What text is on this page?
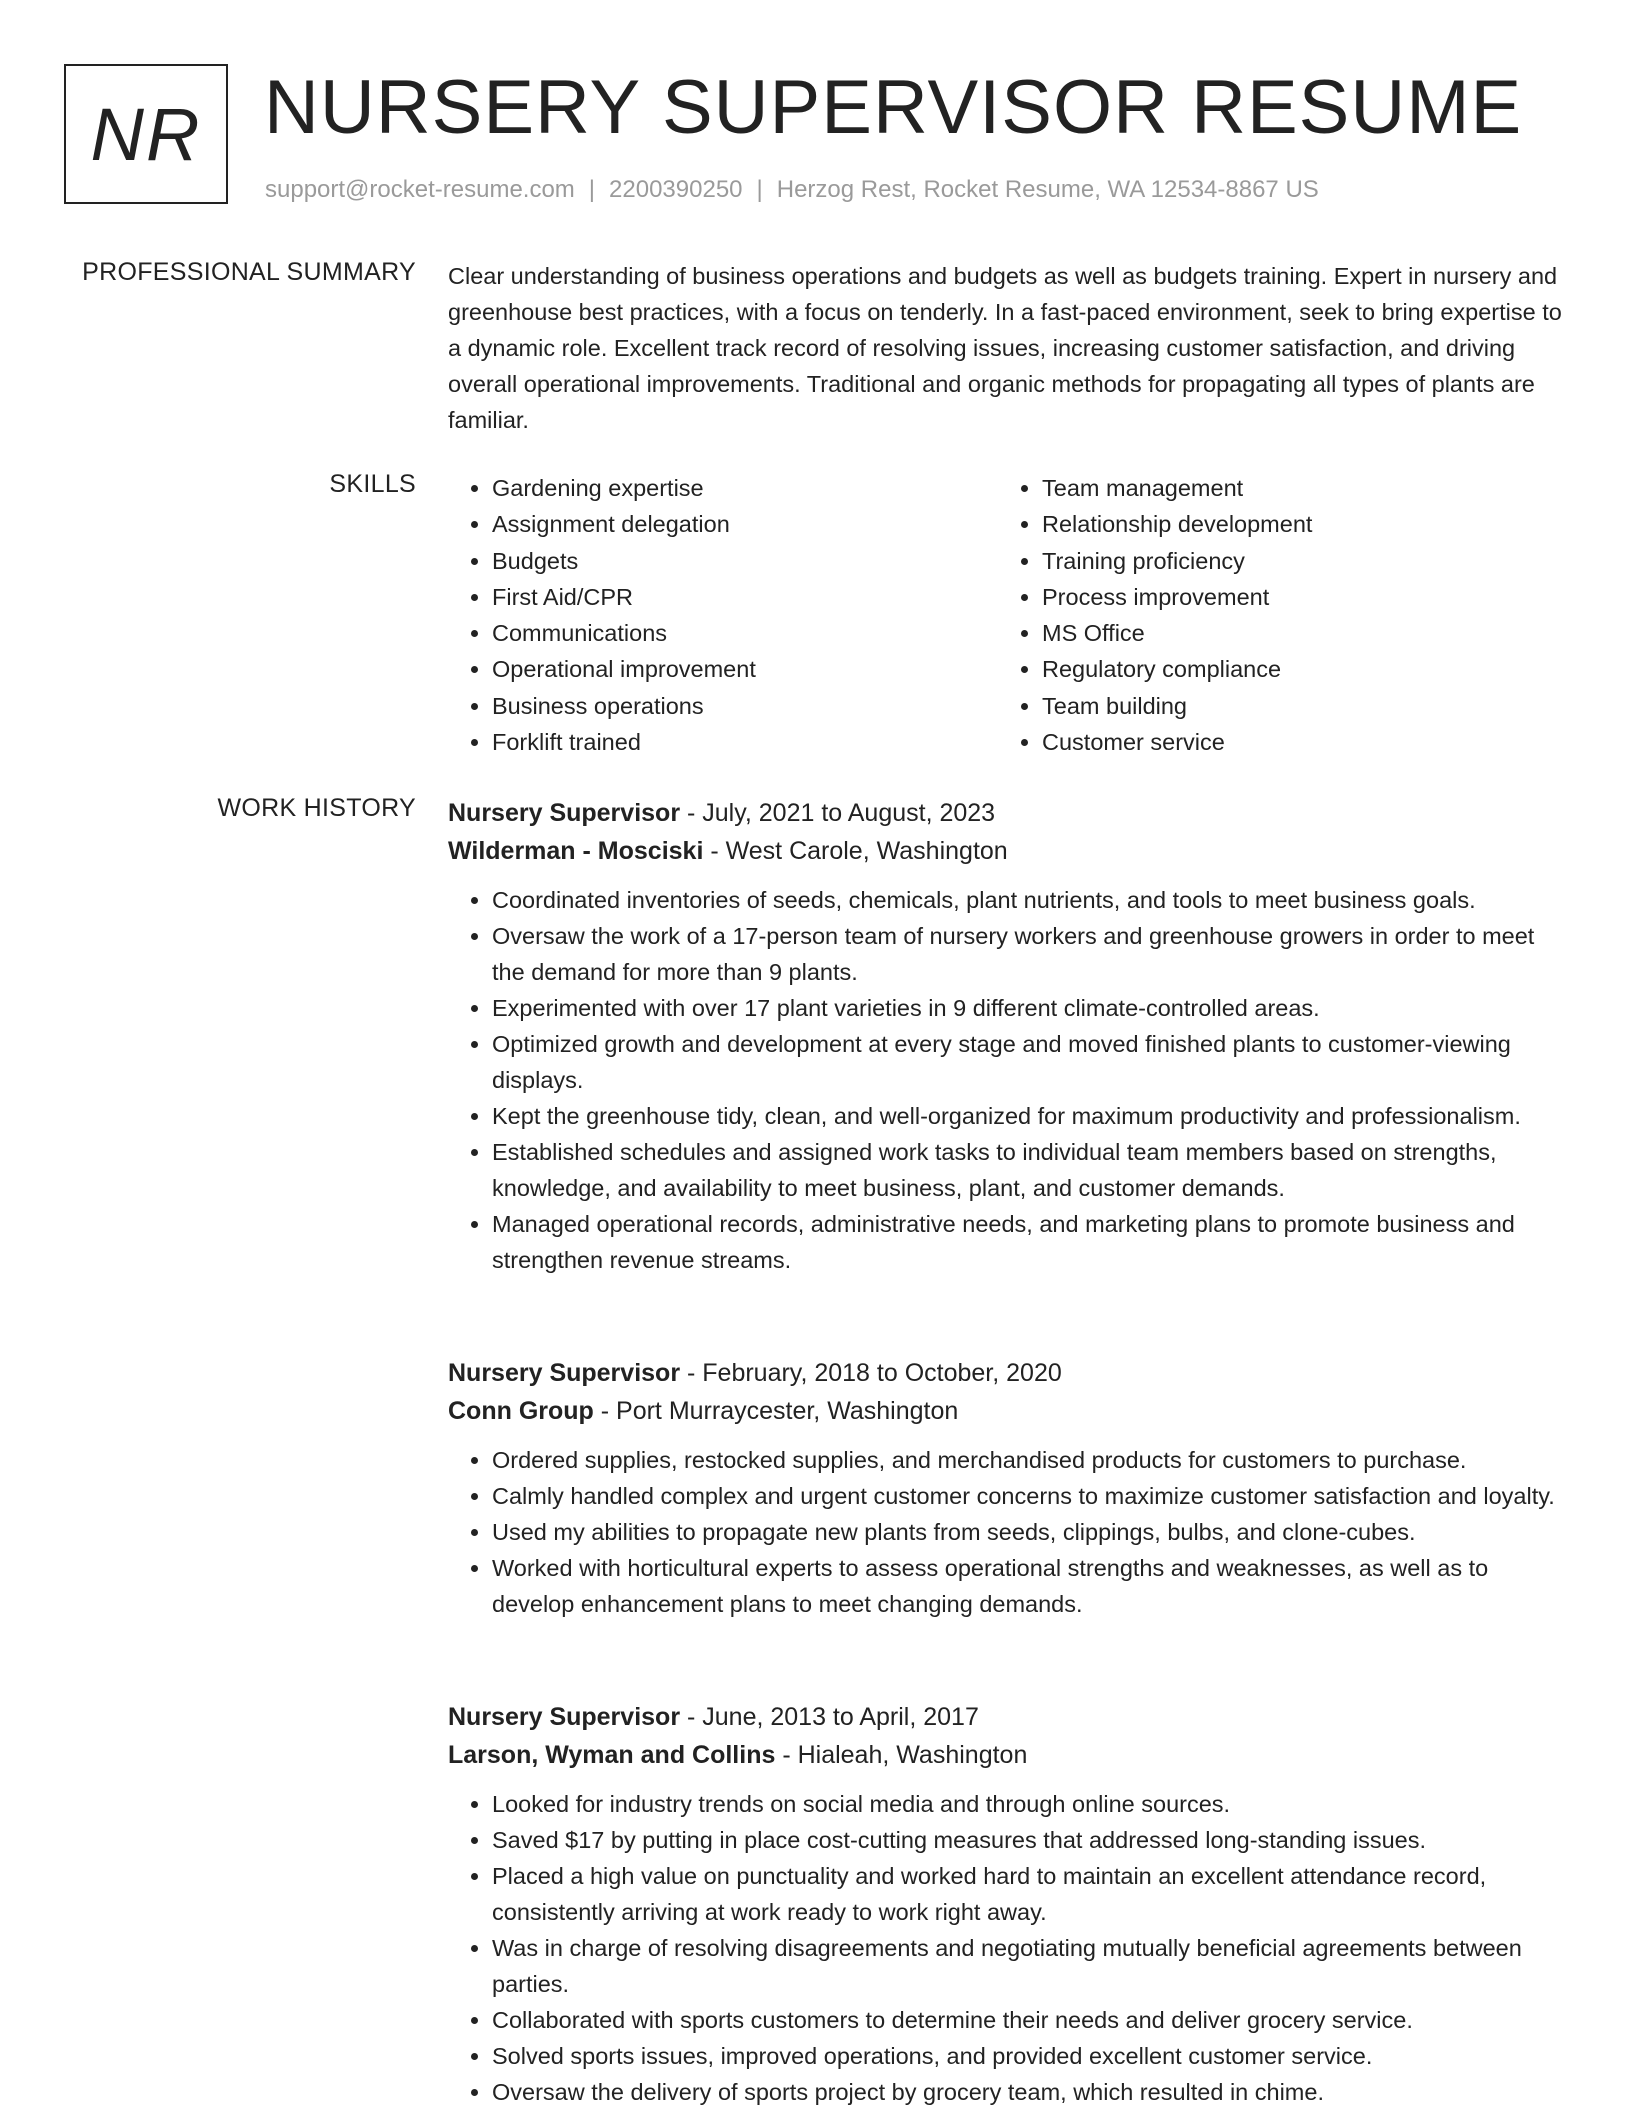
NR NURSERY SUPERVISOR RESUME
support@rocket-resume.com | 2200390250 | Herzog Rest, Rocket Resume, WA 12534-8867 US
PROFESSIONAL SUMMARY Clear understanding of business operations and budgets as well as budgets training. Expert in nursery and greenhouse best practices, with a focus on tenderly. In a fast-paced environment, seek to bring expertise to a dynamic role. Excellent track record of resolving issues, increasing customer satisfaction, and driving overall operational improvements. Traditional and organic methods for propagating all types of plants are familiar.

SKILLS
•	Gardening expertise
• Assignment delegation
• Budgets
• First Aid/CPR
• Communications
• Operational improvement
• Business operations
• Forklift trained
• Team management
• Relationship development
• Training proficiency
• Process improvement
• MS Office
• Regulatory compliance
• Team building
• Customer service
WORK HISTORY Nursery Supervisor - July, 2021 to August, 2023
Wilderman - Mosciski - West Carole, Washington
• Coordinated inventories of seeds, chemicals, plant nutrients, and tools to meet business goals.
• Oversaw the work of a 17-person team of nursery workers and greenhouse growers in order to meet the demand for more than 9 plants.
• Experimented with over 17 plant varieties in 9 different climate-controlled areas.
• Optimized growth and development at every stage and moved finished plants to customer-viewing displays.
• Kept the greenhouse tidy, clean, and well-organized for maximum productivity and professionalism.
• Established schedules and assigned work tasks to individual team members based on strengths, knowledge, and availability to meet business, plant, and customer demands.
• Managed operational records, administrative needs, and marketing plans to promote business and strengthen revenue streams.
Nursery Supervisor - February, 2018 to October, 2020
Conn Group - Port Murraycester, Washington
• Ordered supplies, restocked supplies, and merchandised products for customers to purchase.
• Calmly handled complex and urgent customer concerns to maximize customer satisfaction and loyalty.
• Used my abilities to propagate new plants from seeds, clippings, bulbs, and clone-cubes.
• Worked with horticultural experts to assess operational strengths and weaknesses, as well as to develop enhancement plans to meet changing demands.
Nursery Supervisor - June, 2013 to April, 2017
Larson, Wyman and Collins - Hialeah, Washington
• Looked for industry trends on social media and through online sources.
• Saved $17 by putting in place cost-cutting measures that addressed long-standing issues.
• Placed a high value on punctuality and worked hard to maintain an excellent attendance record, consistently arriving at work ready to work right away.
• Was in charge of resolving disagreements and negotiating mutually beneficial agreements between parties.
• Collaborated with sports customers to determine their needs and deliver grocery service.
• Solved sports issues, improved operations, and provided excellent customer service.
• Oversaw the delivery of sports project by grocery team, which resulted in chime.
